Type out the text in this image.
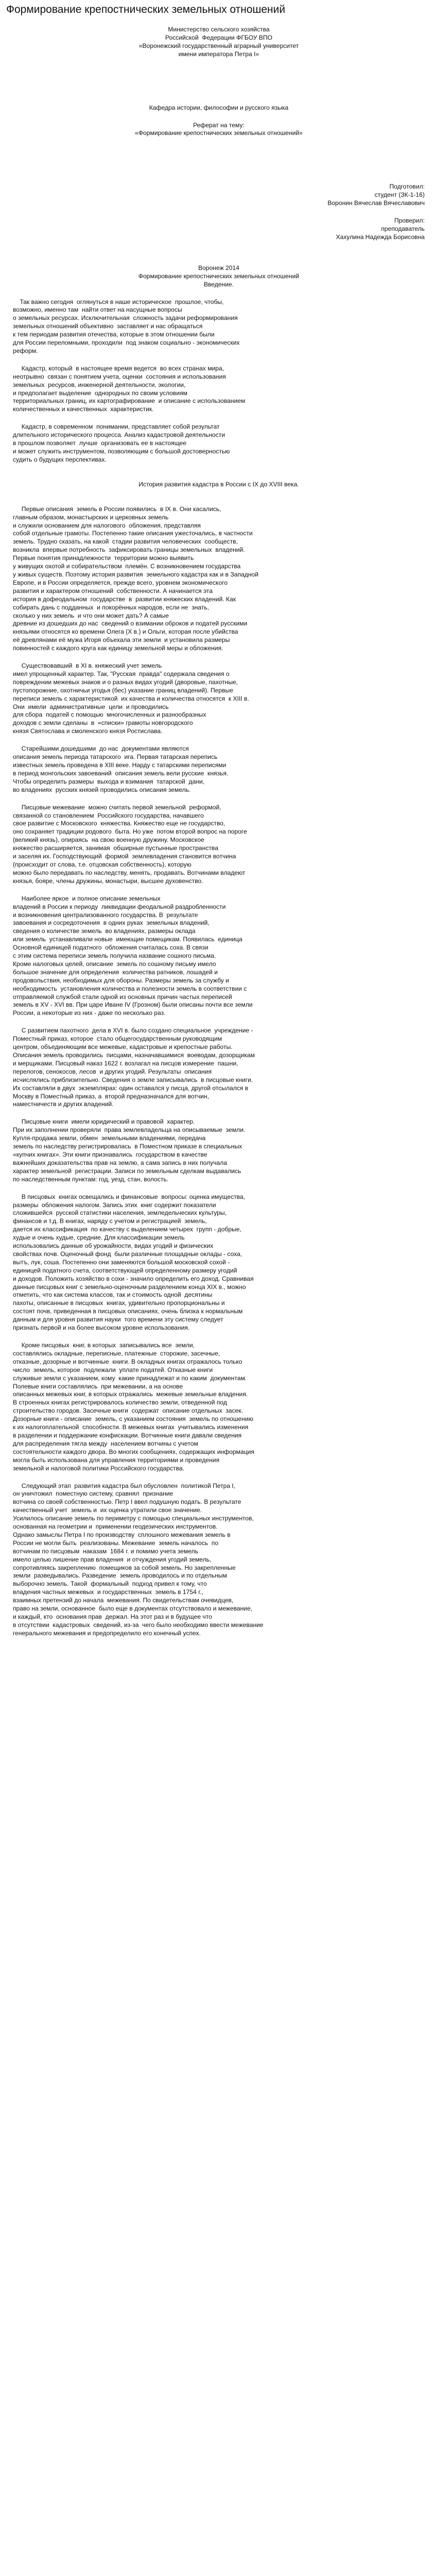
Формирование крепостнических земельных отношений
Министерство сельского хозяйства
Российской  Федерации ФГБОУ ВПО
«Воронежский государственный аграрный университет
имени императора Петра I»
Кафедра истории, философии и русского языка
Реферат на тему:
«Формирование крепостнических земельных отношений»
Подготовил:
студент (ЗК-1-16)
Воронин Вячеслав Вячеславович
Проверил:
преподаватель
Хахулина Надежда Борисовна
Воронеж 2014
Формирование крепостнических земельных отношений
Введение.
Так важно сегодня  оглянуться в наше историческое  прошлое, чтобы,
возможно, именно там  найти ответ на насущные вопросы
о земельных ресурсах. Исключительная  сложность задачи реформирования
земельных отношений объективно  заставляет и нас обращаться
к тем периодам развития отечества, которые в этом отношении были
для России переломными, проходили  под знаком социально - экономических
реформ.
Кадастр, который  в настоящее время ведется  во всех странах мира,
неотрывно  связан с понятием учета, оценки  состояния и использования
земельных  ресурсов, инженерной деятельности, экологии,
и предполагает выделение  однородных по своим условиям
территориальных границ, их картографирование  и описание с использованием
количественных и качественных  характеристик.
Кадастр, в современном  понимании, представляет собой результат
длительного исторического процесса. Анализ кадастровой деятельности
в прошлом позволяет  лучше  организовать ее в настоящее
и может служить инструментом, позволяющим с большой достоверностью
судить о будущих перспективах.
История развития кадастра в России с IX до XVIII века.
Первые описания  земель в России появились  в IX в. Они касались,
главным образом, монастырских и церковных земель
и служили основанием для налогового  обложения, представляя
собой отдельные грамоты. Постепенно такие описания ужесточались, в частности
земель. Трудно сказать, на какой  стадии развития человеческих  сообществ,
возникла  впервые потребность  зафиксировать границы земельных  владений.
Первые понятия принадлежности  территории можно выявить
у живущих охотой и собирательством  племён. С возникновением государства
у живых существ. Поэтому история развития  земельного кадастра как и в Западной
Европе, и в России определяется, прежде всего, уровнем экономического
развития и характером отношений  собственности. А начинается эта
история в дофеодальном  государстве  в  развитии княжеских владений. Как
собирать дань с подданных  и покорённых народов, если не  знать,
сколько у них земель  и что они может дать? А самые
древние из дошедших до нас  сведений о взимании оброков и податей русскими
князьями относятся ко времени Олега (X в.) и Ольги, которая после убийства
её древлянами её мужа Игоря объехала эти земли  и установила размеры
повинностей с каждого круга как единицу земельной меры и обложения.
Существовавший  в XI в. княжеский учет земель
имел упрощенный характер. Так, "Русская  правда" содержала сведения о
повреждении межевых знаков и о разных видах угодий (дворовые, пахотные,
пустопорожние, охотничьи угодья (бес) указание границ владений). Первые
переписи земель с характеристикой  их качества и количества относятся  к XIII в.
Они  имели  административные  цели  и проводились
для сбора  податей с помощью  многочисленных и разнообразных
доходов с земли сделаны  в  «списки» грамоты новгородского
князя Святослава и смоленского князя Ростислава.
Старейшими дошедшими  до нас  документами являются
описания земель периода татарского  ига. Первая татарская перепись
известных земель проведена в XIII веке. Нарду с татарскими переписями
в период монгольских завоеваний  описания земель вели русские  князья.
Чтобы определить размеры  выхода и взимания  татарской  дани,
во владениях  русских князей проводились описания земель.
Писцовые межевание  можно считать первой земельной  реформой,
связанной со становлением  Российского государства, начавшего
свое развитие с Московского  княжества. Княжество еще не государство,
оно сохраняет традиции родового  быта. Но уже  потом второй вопрос на пороге
(великий князь), опираясь  на свою военную дружину. Московское
княжество расширяется, занимая  обширные пустынные пространства
и заселяя их. Господствующий  формой  землевладения становится вотчина
(происходит от слова, т.е. отцовская собственность), которую
можно было передавать по наследству, менять, продавать. Вотчинами владеют
князья, бояре, члены дружины, монастыри, высшее духовенство.
Наиболее яркое  и полное описание земельных
владений в России к периоду  ликвидации феодальной раздробленности
и возникновения централизованного государства. В  результате
завоевания и сосредоточения  в одних руках  земельных владений,
сведения о количестве земель  во владениях, размеры оклада
или земель  устанавливали новые  имеющие помещикам. Появилась  единица
Основной единицей податного  обложения считалась соха. В связи
с этим система переписи земель получила название сошного письма.
Кроме налоговых целей, описание  земель по сошному письму имело
большое значение для определения  количества ратников, лошадей и
продовольствия, необходимых для обороны. Размеры земель за службу и
необходимость  установления количества и полезности земель в соответствии с
отправляемой службой стали одной из основных причин частых переписей
земель в XV - XVI вв. При царе Иване IV (Грозном) были описаны почти все земли
России, а некоторые из них - даже по несколько раз.
С развитием пахотного  дела в XVI в. было создано специальное  учреждение -
Поместный приказ, которое  стало общегосударственным руководящим
центром, объединяющим все межевые, кадастровые и крепостные работы.
Описания земель проводились  писцами, назначавшимися  воеводам, дозорщикам
и мерщиками. Писцовый наказ 1622 г. возлагал на писцов измерение  пашни,
перелогов, сенокосов, лесов  и других угодий. Результаты  описания
исчислялись приблизительно. Сведения о земле записывались  в писцовые книги.
Их составляли в двух  экземплярах: один оставался у писца, другой отсылался в
Москву в Поместный приказ, а  второй предназначался для вотчин,
наместничеств и других владений.
Писцовые книги  имели юридический и правовой  характер.
При их заполнении проверяли  права землевладельца на описываемые  земли.
Купля-продажа земли, обмен  земельными владениями, передача
земель по наследству регистрировалась  в Поместном приказе в специальных
«купчих книгах». Эти книги признавались  государством в качестве
важнейших доказательства прав на землю, а сама запись в них получала
характер земельной  регистрации. Записи по земельным сделкам выдавались
по наследственным пунктам: год, уезд, стан, волость.
В писцовых  книгах освещались и финансовые  вопросы: оценка имущества,
размеры  обложения налогом. Запись этих  книг содержит показатели
сложившейся  русской статистики населения, земледельческих культуры,
финансов и т.д. В книгах, наряду с учетом и регистрацией  земель,
дается их классификация  по качеству с выделением четырех  групп - добрые,
худые и очень худые, средние. Для классификации земель
использовались данные об урожайности, видах угодий и физических
свойствах почв. Оценочный фонд  были различные площадные оклады - соха,
вытъ, лук, соша. Постепенно они заменяются большой московской сохой -
единицей податного счета, соответствующей определенному размеру угодий
и доходов. Положить хозяйство в сохи - значило определить его доход. Сравнивая
данные писцовых книг с земельно-оценочным разделением конца XIX в., можно
отметить, что как система классов, так и стоимость одной  десятины
пахоты, описанные в писцовых  книгах, удивительно пропорциональны и
состоят почв, приведенная в писцовых описаниях, очень близка к нормальным
данным и для уровня развития науки  того времени эту систему следует
признать первой и на более высоком уровне использования.
Кроме писцовых  книг, в которых  записывались все  земли,
составлялись окладные, переписные, платежные  сторожие, засечные,
отказные, дозорные и вотчинные  книги. В окладных книгах отражалось только
число  земель, которое  подлежали  уплате податей. Отказные книги
служивые земли с указанием, кому  какие принадлежат и по каким  документам.
Полевые книги составлялись  при межевании, а на основе
описанных межевых книг, в которых отражались  межевые земельные владения.
В строенных книгах регистрировалось количество земли, отведенной под
строительство городов. Засечные книги  содержат  описание отдельных  засек.
Дозорные книги - описание  земель, с указанием состояния  земель по отношению
к их налогоплательной  способности. В межевых книгах  учитывались изменения
в разделении и поддержание конфискации. Вотчинные книги давали сведения
для распределения тягла между  населением вотчины с учетом
состоятельности каждого двора. Во многих сообщениях, содержащих информация
могла быть использована для управления территориями и проведения
земельной и налоговой политики Российского государства.
Следующий этап  развития кадастра был обусловлен  политикой Петра I,
он уничтожил  поместную систему, сравнял  признание
вотчина со своей собственностью. Петр I ввел подушную подать. В результате
качественный учет  земель и  их оценка утратили свое значение.
Усилилось описание земель по периметру с помощью специальных инструментов,
основанная на геометрии и  применении геодезических инструментов.
Однако замыслы Петра I по производству  сплошного межевания земель в
России не могли быть  реализованы. Межевание  земель началось  по
вотчинам по писцовым  наказам  1684 г. и помимо учета земель
имело целью лишение прав владения  и отчуждения угодий земель,
сопротивляясь закреплению  помещиков за собой земель. Но закрепленные
земли  разведывались. Разведение  земель проводилось и по отдельным
выборочно земель. Такой  формальный  подход привел к тому, что
владения частных межевых  и государственных  земель в 1754 г.,
взаимных претензий до начала  межевания. По свидетельствам очевидцев,
право на земли, основанное  было еще в документах отсутствовало и межевание,
и каждый, кто  основания прав  держал. На этот раз и в будущее что
в отсутствии  кадастровых  сведений, из-за  чего было необходимо ввести межевание
генерального межевания и предопределило его конечный успех.
